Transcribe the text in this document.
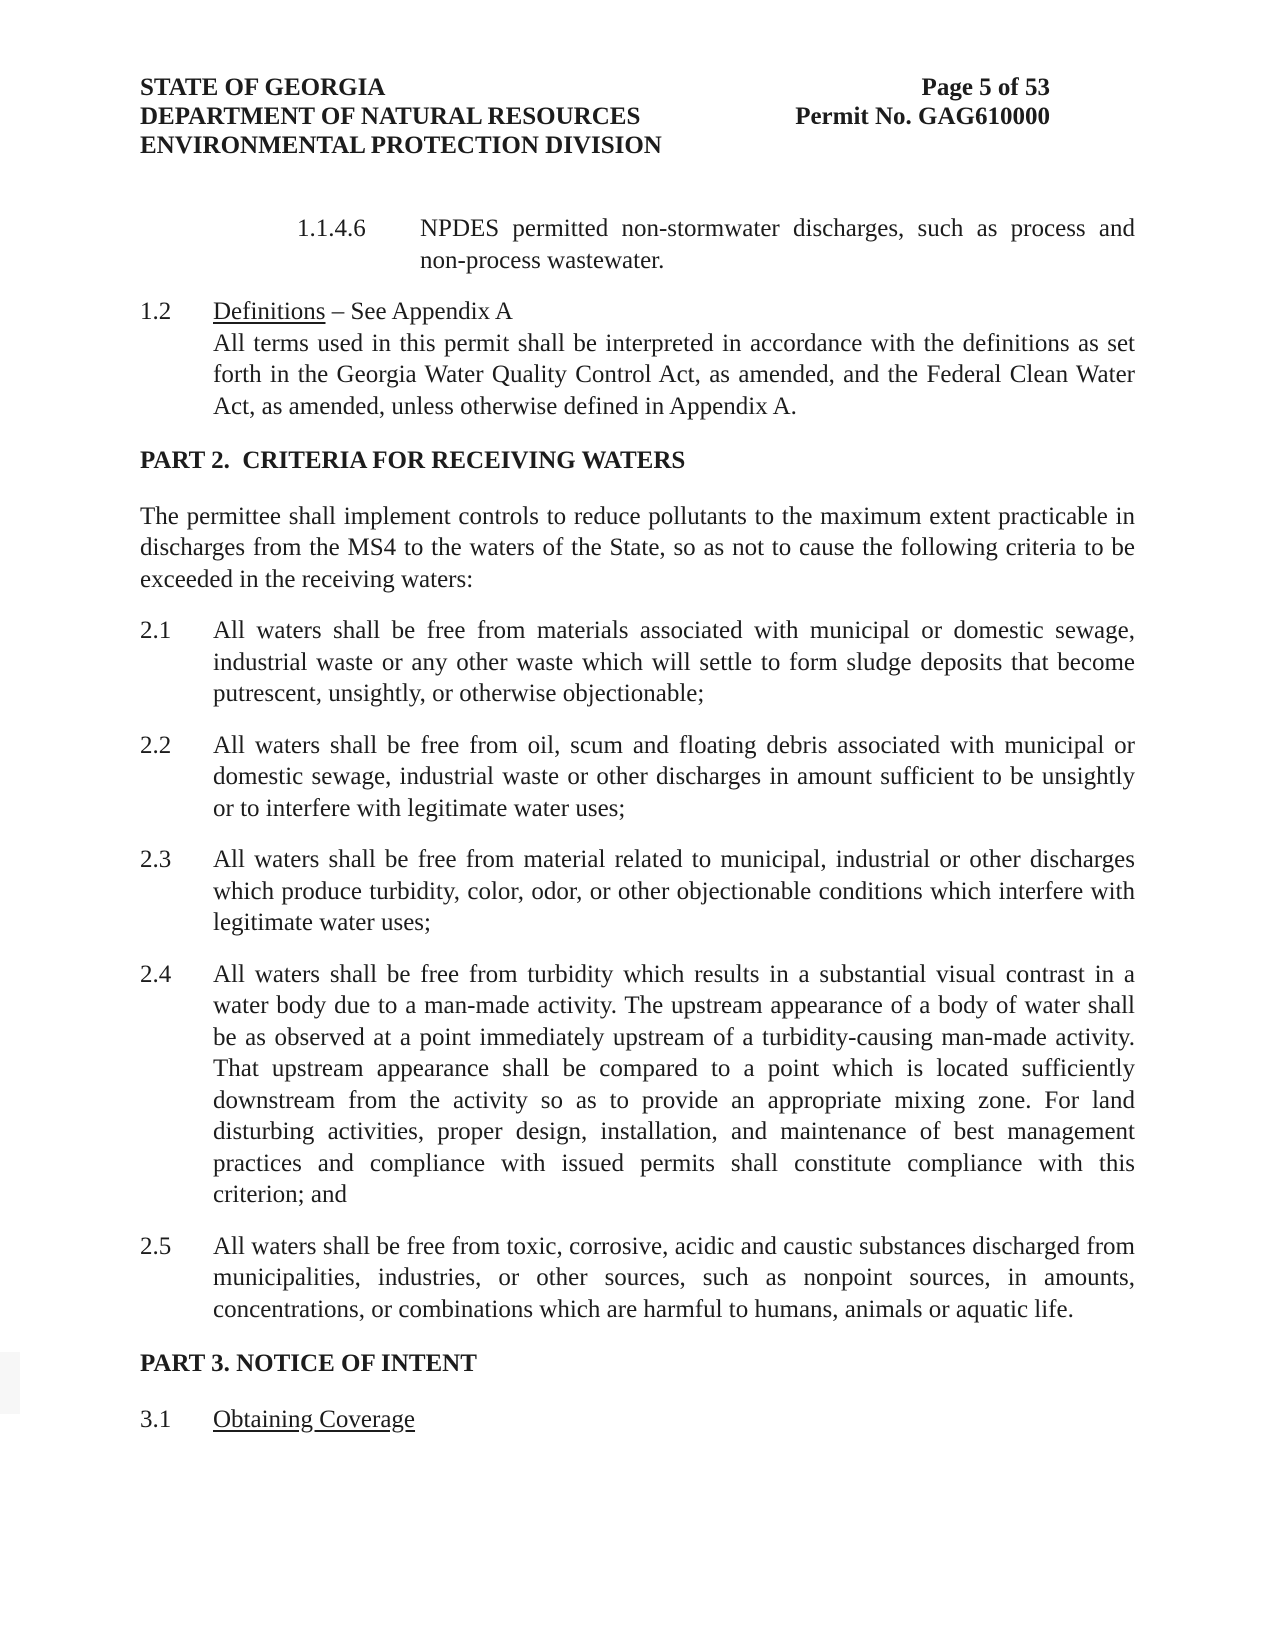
STATE OF GEORGIA
DEPARTMENT OF NATURAL RESOURCES
ENVIRONMENTAL PROTECTION DIVISION
Page 5 of 53
Permit No. GAG610000
1.1.4.6	NPDES permitted non-stormwater discharges, such as process and non-process wastewater.
1.2	Definitions – See Appendix A
All terms used in this permit shall be interpreted in accordance with the definitions as set forth in the Georgia Water Quality Control Act, as amended, and the Federal Clean Water Act, as amended, unless otherwise defined in Appendix A.
PART 2.  CRITERIA FOR RECEIVING WATERS

The permittee shall implement controls to reduce pollutants to the maximum extent practicable in discharges from the MS4 to the waters of the State, so as not to cause the following criteria to be exceeded in the receiving waters:

2.1	All waters shall be free from materials associated with municipal or domestic sewage, industrial waste or any other waste which will settle to form sludge deposits that become putrescent, unsightly, or otherwise objectionable;
2.2	All waters shall be free from oil, scum and floating debris associated with municipal or domestic sewage, industrial waste or other discharges in amount sufficient to be unsightly or to interfere with legitimate water uses;
2.3	All waters shall be free from material related to municipal, industrial or other discharges which produce turbidity, color, odor, or other objectionable conditions which interfere with legitimate water uses;
2.4	All waters shall be free from turbidity which results in a substantial visual contrast in a water body due to a man-made activity. The upstream appearance of a body of water shall be as observed at a point immediately upstream of a turbidity-causing man-made activity. That upstream appearance shall be compared to a point which is located sufficiently downstream from the activity so as to provide an appropriate mixing zone. For land disturbing activities, proper design, installation, and maintenance of best management practices and compliance with issued permits shall constitute compliance with this criterion; and
2.5	All waters shall be free from toxic, corrosive, acidic and caustic substances discharged from municipalities, industries, or other sources, such as nonpoint sources, in amounts, concentrations, or combinations which are harmful to humans, animals or aquatic life.
PART 3. NOTICE OF INTENT
3.1	Obtaining Coverage
